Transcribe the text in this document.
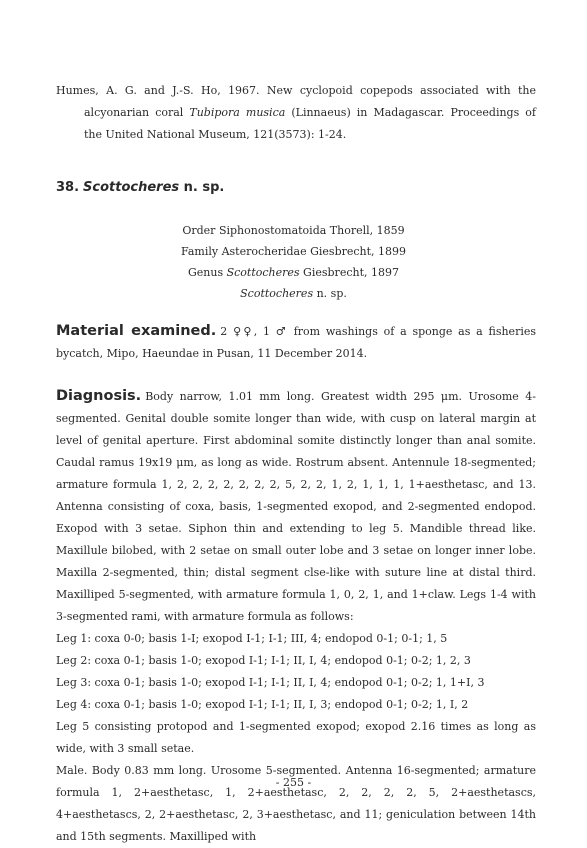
Humes, A. G. and J.-S. Ho, 1967. New cyclopoid copepods associated with the alcyonarian coral Tubipora musica (Linnaeus) in Madagascar. Proceedings of the United National Museum, 121(3573): 1-24.

38. Scottocheres n. sp.
Order Siphonostomatoida Thorell, 1859
Family Asterocheridae Giesbrecht, 1899
Genus Scottocheres Giesbrecht, 1897
Scottocheres n. sp.
Material examined. 2 ♀♀, 1 ♂ from washings of a sponge as a fisheries bycatch, Mipo, Haeundae in Pusan, 11 December 2014.
Diagnosis. Body narrow, 1.01 mm long. Greatest width 295 μm. Urosome 4-segmented. Genital double somite longer than wide, with cusp on lateral margin at level of genital aperture. First abdominal somite distinctly longer than anal somite. Caudal ramus 19x19 μm, as long as wide. Rostrum absent. Antennule 18-segmented; armature formula 1, 2, 2, 2, 2, 2, 2, 2, 5, 2, 2, 1, 2, 1, 1, 1, 1+aesthetasc, and 13. Antenna consisting of coxa, basis, 1-segmented exopod, and 2-segmented endopod. Exopod with 3 setae. Siphon thin and extending to leg 5. Mandible thread like. Maxillule bilobed, with 2 setae on small outer lobe and 3 setae on longer inner lobe. Maxilla 2-segmented, thin; distal segment clse-like with suture line at distal third. Maxilliped 5-segmented, with armature formula 1, 0, 2, 1, and 1+claw. Legs 1-4 with 3-segmented rami, with armature formula as follows:
Leg 1: coxa 0-0; basis 1-I; exopod I-1; I-1; III, 4; endopod 0-1; 0-1; 1, 5
Leg 2: coxa 0-1; basis 1-0; exopod I-1; I-1; II, I, 4; endopod 0-1; 0-2; 1, 2, 3
Leg 3: coxa 0-1; basis 1-0; exopod I-1; I-1; II, I, 4; endopod 0-1; 0-2; 1, 1+I, 3
Leg 4: coxa 0-1; basis 1-0; exopod I-1; I-1; II, I, 3; endopod 0-1; 0-2; 1, I, 2
Leg 5 consisting protopod and 1-segmented exopod; exopod 2.16 times as long as wide, with 3 small setae.
Male. Body 0.83 mm long. Urosome 5-segmented. Antenna 16-segmented; armature formula 1, 2+aesthetasc, 1, 2+aesthetasc, 2, 2, 2, 2, 5, 2+aesthetascs, 4+aesthetascs, 2, 2+aesthetasc, 2, 3+aesthetasc, and 11; geniculation between 14th and 15th segments. Maxilliped with
- 255 -
